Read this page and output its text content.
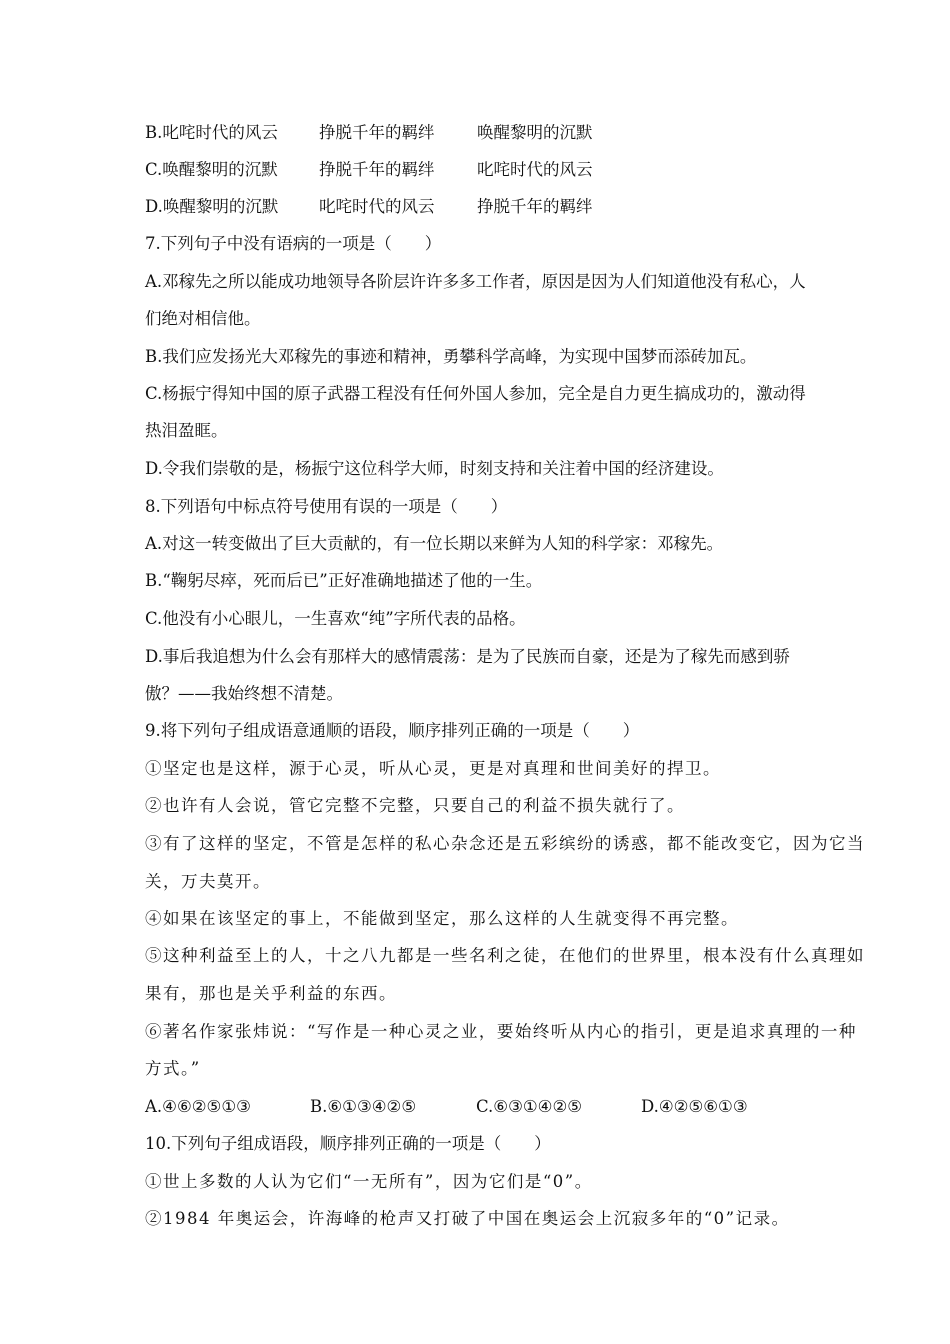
B.叱咤时代的风云 挣脱千年的羁绊	唤醒黎明的沉默
C.唤醒黎明的沉默 挣脱千年的羁绊	叱咤时代的风云
D.唤醒黎明的沉默 叱咤时代的风云	挣脱千年的羁绊
7.下列句子中没有语病的一项是（　　）
A.邓稼先之所以能成功地领导各阶层许许多多工作者，原因是因为人们知道他没有私心，人
们绝对相信他。
B.我们应发扬光大邓稼先的事迹和精神，勇攀科学高峰，为实现中国梦而添砖加瓦。
C.杨振宁得知中国的原子武器工程没有任何外国人参加，完全是自力更生搞成功的，激动得
热泪盈眶。
D.令我们崇敬的是，杨振宁这位科学大师，时刻支持和关注着中国的经济建设。
8.下列语句中标点符号使用有误的一项是（　　）
A.对这一转变做出了巨大贡献的，有一位长期以来鲜为人知的科学家：邓稼先。
B.“鞠躬尽瘁，死而后已”正好准确地描述了他的一生。
C.他没有小心眼儿，一生喜欢“纯”字所代表的品格。
D.事后我追想为什么会有那样大的感情震荡：是为了民族而自豪，还是为了稼先而感到骄
傲？——我始终想不清楚。
9.将下列句子组成语意通顺的语段，顺序排列正确的一项是（　　）
①坚定也是这样，源于心灵，听从心灵，更是对真理和世间美好的捍卫。
②也许有人会说，管它完整不完整，只要自己的利益不损失就行了。
③有了这样的坚定，不管是怎样的私心杂念还是五彩缤纷的诱惑，都不能改变它，因为它当
关，万夫莫开。
④如果在该坚定的事上，不能做到坚定，那么这样的人生就变得不再完整。
⑤这种利益至上的人，十之八九都是一些名利之徒，在他们的世界里，根本没有什么真理如
果有，那也是关乎利益的东西。
⑥著名作家张炜说：“写作是一种心灵之业，要始终听从内心的指引，更是追求真理的一种
方式。”
A.④⑥②⑤①③	B.⑥①③④②⑤	C.⑥③①④②⑤	D.④②⑤⑥①③
10.下列句子组成语段，顺序排列正确的一项是（　　）
①世上多数的人认为它们“一无所有”，因为它们是“0”。
②1984 年奥运会，许海峰的枪声又打破了中国在奥运会上沉寂多年的“0”记录。
